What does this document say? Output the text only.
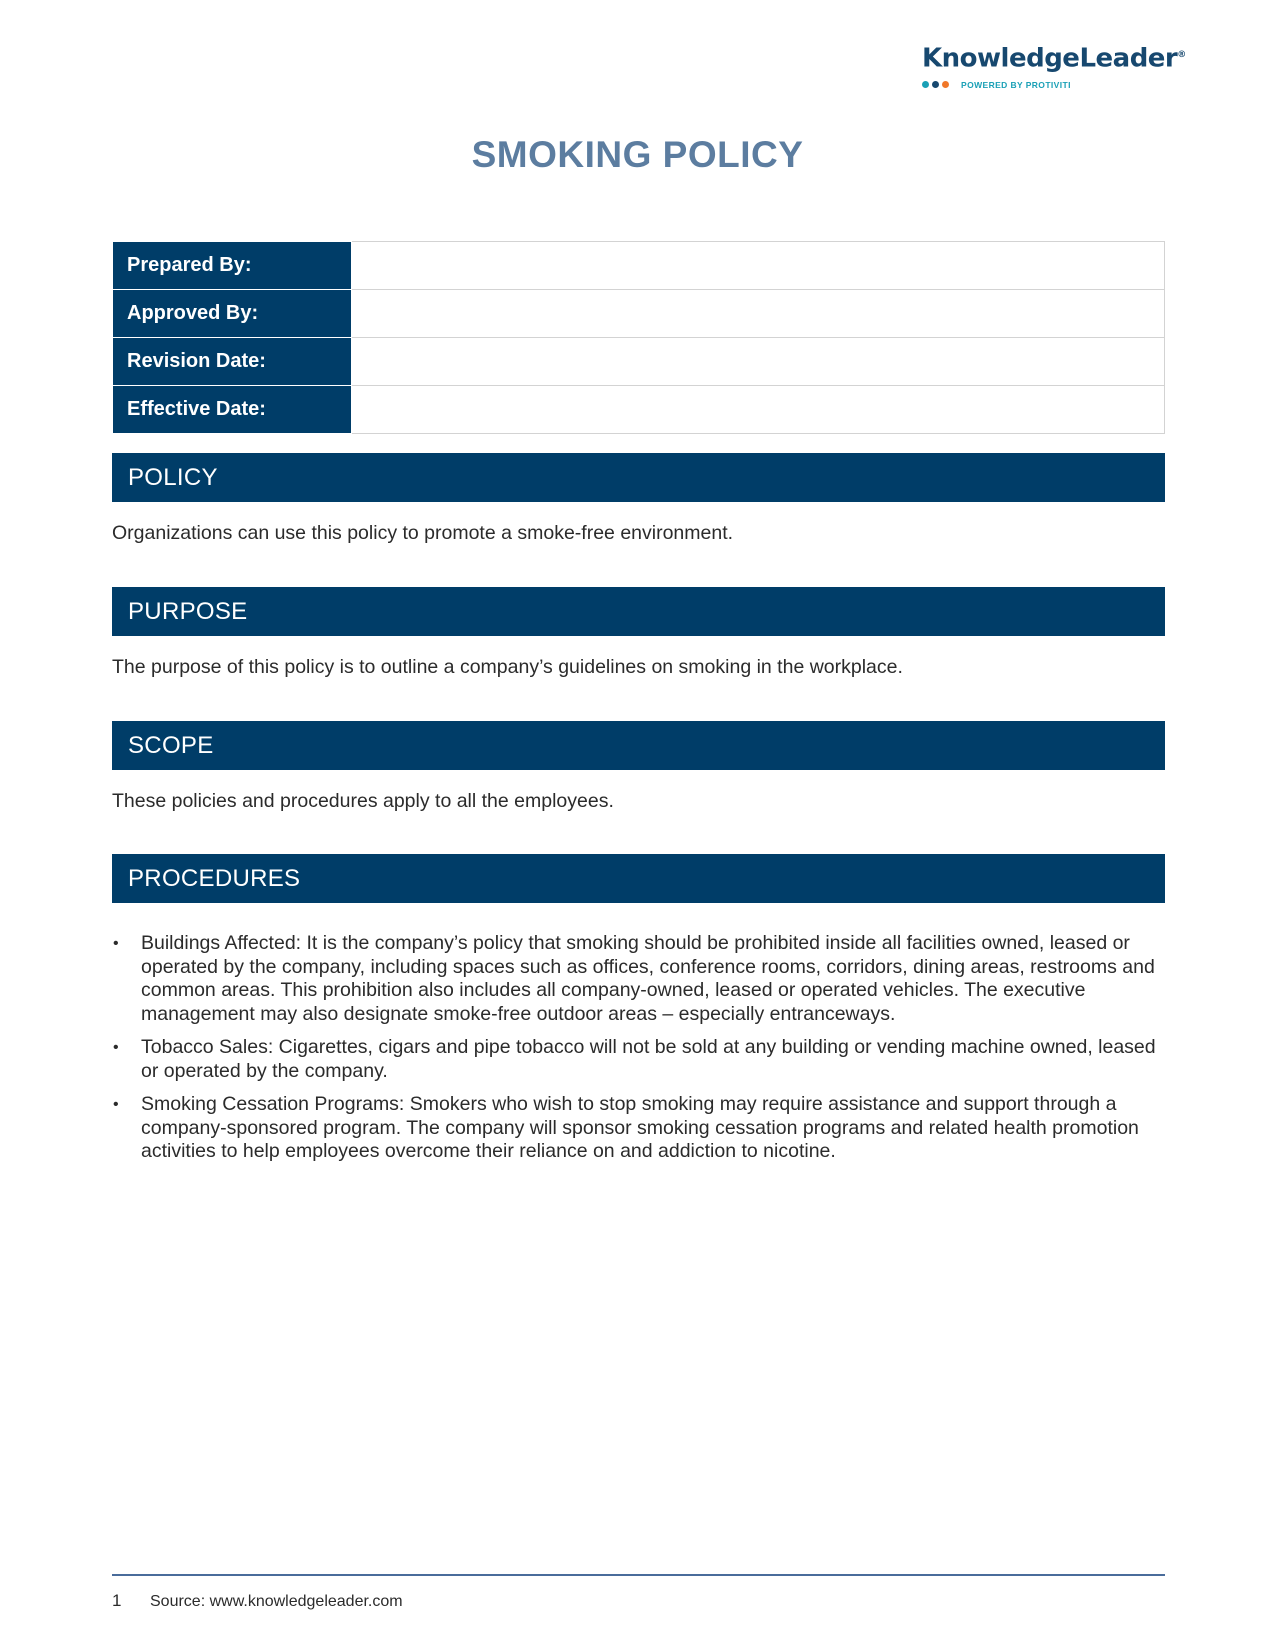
KnowledgeLeader®
POWERED BY PROTIVITI
SMOKING POLICY
Prepared By:	
Approved By:	
Revision Date:	
Effective Date:	
POLICY

Organizations can use this policy to promote a smoke-free environment.

PURPOSE

The purpose of this policy is to outline a company’s guidelines on smoking in the workplace.

SCOPE

These policies and procedures apply to all the employees.

PROCEDURES
• Buildings Affected: It is the company’s policy that smoking should be prohibited inside all facilities owned, leased or operated by the company, including spaces such as offices, conference rooms, corridors, dining areas, restrooms and common areas. This prohibition also includes all company-owned, leased or operated vehicles. The executive management may also designate smoke-free outdoor areas – especially entranceways.
• Tobacco Sales: Cigarettes, cigars and pipe tobacco will not be sold at any building or vending machine owned, leased or operated by the company.
• Smoking Cessation Programs: Smokers who wish to stop smoking may require assistance and support through a company-sponsored program. The company will sponsor smoking cessation programs and related health promotion activities to help employees overcome their reliance on and addiction to nicotine.
1	Source: www.knowledgeleader.com
